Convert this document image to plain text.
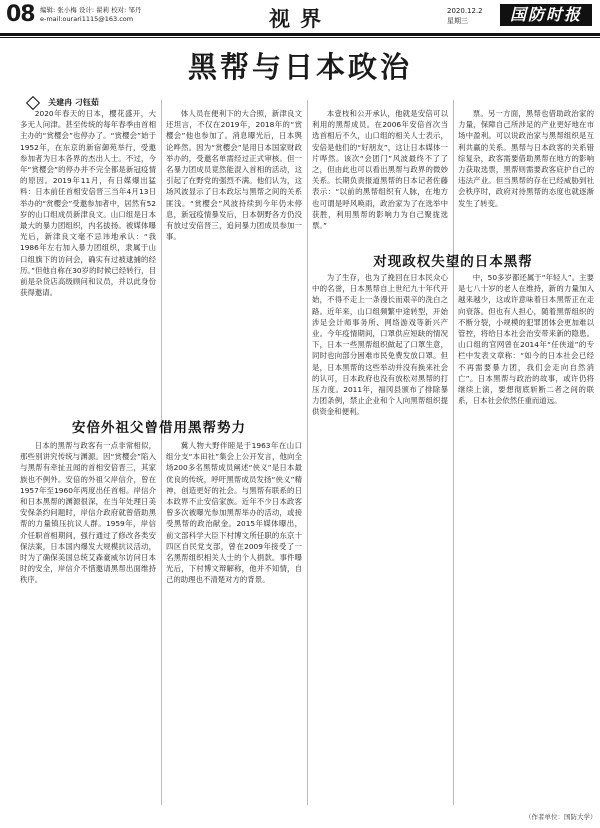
08 编辑: 张小梅 设计: 翟莉 校对: 邹丹
e-mail:ourari1115@163.com	视界	2020.12.2
星期三	国防时报
黑帮与日本政治
关建冉 刁钰茹

2020年春天的日本，樱花盛开，大多无人问津。甚至传统的每年春季由首相主办的“赏樱会”也停办了。“赏樱会”始于1952年，在东京的新宿御苑举行，受邀参加者为日本各界的杰出人士。不过，今年“赏樱会”的停办并不完全都是新冠疫情的原因。2019年11月，有日媒爆出猛料：日本前任首相安倍晋三当年4月13日举办的“赏樱会”受邀参加者中，居然有52岁的山口组成员新津良文。山口组是日本最大的暴力团组织，内名拔扬。被媒体曝光后，新津良文毫不忌讳地承认：“我1986年左右加入暴力团组织，隶属于山口组旗下的访问会，确实有过被逮捕的经历。”但他自称在30岁的时候已经转行，目前是杂货店高级顾问和议员，并以此身份获得邀请。

安倍外祖父曾借用黑帮势力

日本的黑帮与政客有一点非常相似，那些别讲究传统与渊源。因“赏樱会”陷入与黑帮有牵扯丑闻的首相安倍晋三，其家族也不例外。安倍的外祖父岸信介，曾在1957年至1960年两度出任首相。岸信介和日本黑帮的渊源很深，在当年处理日美安保条约问题时，岸信介政府就曾借助黑帮的力量镇压抗议人群。1959年，岸信介任职首相期间，强行通过了修改各类安保法案，日本国内爆发大规模抗议活动，时为了确保美国总统艾森豪威尔访问日本时的安全，岸信介不惜邀请黑帮出面维持秩序。

体人员在便利下的大合照，新津良文还坦言，不仅在2019年，2018年的“赏樱会”他也参加了。消息曝光后，日本舆论哗然。因为“赏樱会”是用日本国家财政举办的，受邀名单需经过正式审核。但一名暴力团成员竟然能混入首相的活动，这引起了在野党的强烈不满。他们认为，这场风波显示了日本政坛与黑帮之间的关系匪浅。“赏樱会”风波持续到今年仍未停息，新冠疫情暴发后，日本朝野各方仍没有放过安倍晋三，追问暴力团成员参加一事。

冀人物大野伴睦是于1963年在山口组分支“本田社”集会上公开发言，他向全场200多名黑帮成员阐述“侠义”是日本最优良的传统，呼吁黑帮成员发扬“侠义”精神，创造更好的社会。与黑帮有联系的日本政界不止安倍家族。近年不少日本政客曾多次被曝光参加黑帮举办的活动，或接受黑帮的政治献金。2015年媒体曝出，前文部科学大臣下村博文所任职的东京十四区自民党支部，曾在2009年接受了一名黑帮组织相关人士的个人捐款。事件曝光后，下村博文辩解称，他并不知情，自己的助理也不清楚对方的背景。

本壹枝和公开承认，他就是安倍可以利用的黑帮成员。在2006年安倍首次当选首相后不久，山口组的相关人士表示，安倍是他们的“好朋友”，这让日本媒体一片哗然。该次“会团门”风波最终不了了之，但由此也可以看出黑帮与政界的微妙关系。长期负责报道黑帮的日本记者佐藤表示：“以前的黑帮组织有人脉，在地方也可谓是呼风唤雨，政治家为了在选举中获胜，利用黑帮的影响力为自己聚拢选票。”

对现政权失望的日本黑帮

为了生存，也为了挽回在日本民众心中的名誉，日本黑帮自上世纪九十年代开始，不得不走上一条漫长而艰辛的洗白之路。近年来，山口组频繁中途转型，开始涉足会计师事务所、网络游戏等新兴产业。今年疫情期间，口罩供应短缺的情况下，日本一些黑帮组织做起了口罩生意，同时也向部分困难市民免费发放口罩。但是，日本黑帮的这些举动并没有换来社会的认可，日本政府也没有放松对黑帮的打压力度。2011年，福冈县颁布了排除暴力团条例，禁止企业和个人向黑帮组织提供资金和便利。

票。另一方面，黑帮也借助政治家的力量，保障自己所涉足的产业更好地在市场中盈利。可以说政治家与黑帮组织是互利共赢的关系。黑帮与日本政客的关系错综复杂，政客需要借助黑帮在地方的影响力获取选票，黑帮则需要政客庇护自己的违法产业。但当黑帮的存在已经威胁到社会秩序时，政府对待黑帮的态度也就逐渐发生了转变。

中，50多岁都还属于“年轻人”。主要是七八十岁的老人在维持，新的力量加入越来越少，这或许意味着日本黑帮正在走向衰落。但也有人担心，随着黑帮组织的不断分裂，小规模的犯罪团体会更加难以管控，将给日本社会治安带来新的隐患。山口组的官网曾在2014年“任侠道”的专栏中发表文章称：“如今的日本社会已经不再需要暴力团，我们会走向自然消亡”。日本黑帮与政治的故事，或许仍将继续上演，要想彻底斩断二者之间的联系，日本社会依然任重而道远。

（作者单位：国防大学）
